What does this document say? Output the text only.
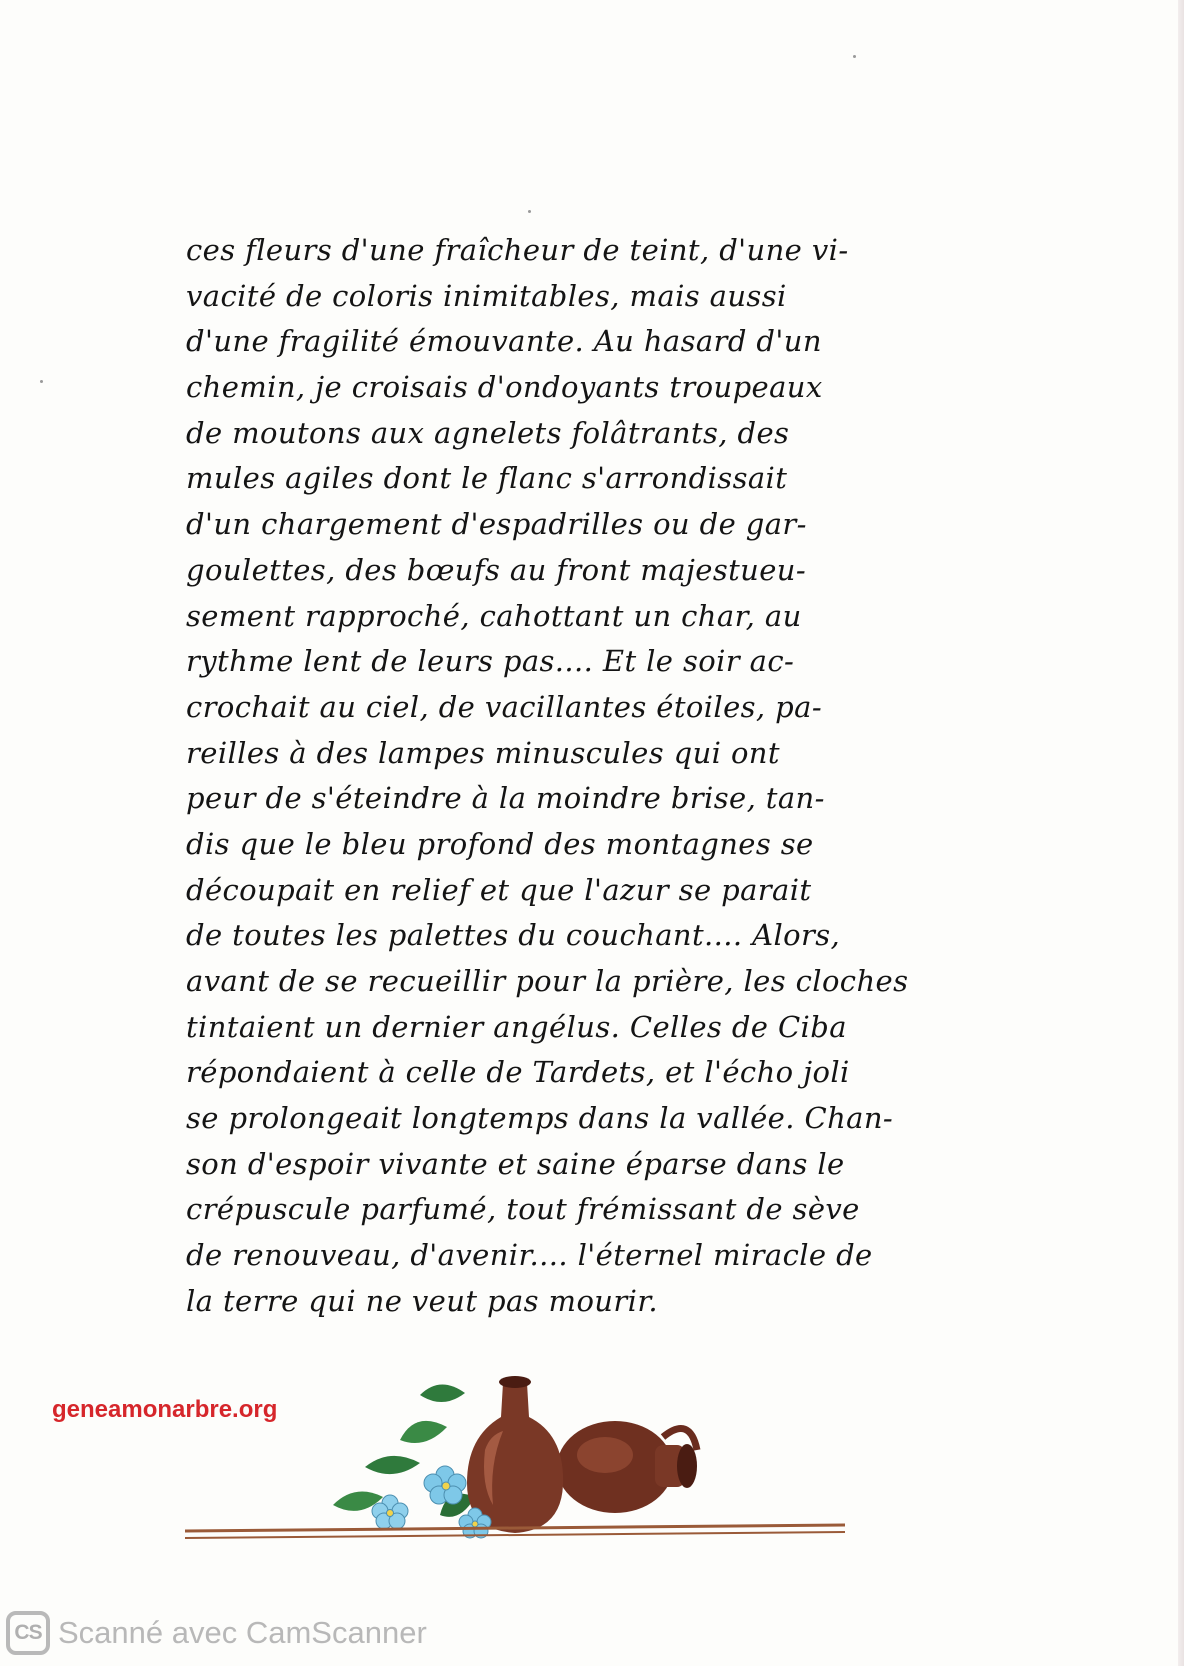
ces fleurs d'une fraîcheur de teint, d'une vi-
vacité de coloris inimitables, mais aussi
d'une fragilité émouvante. Au hasard d'un
chemin, je croisais d'ondoyants troupeaux
de moutons aux agnelets folâtrants, des
mules agiles dont le flanc s'arrondissait
d'un chargement d'espadrilles ou de gar-
goulettes, des bœufs au front majestueu-
sement rapproché, cahottant un char, au
rythme lent de leurs pas.... Et le soir ac-
crochait au ciel, de vacillantes étoiles, pa-
reilles à des lampes minuscules qui ont
peur de s'éteindre à la moindre brise, tan-
dis que le bleu profond des montagnes se
découpait en relief et que l'azur se parait
de toutes les palettes du couchant.... Alors,
avant de se recueillir pour la prière, les cloches
tintaient un dernier angélus. Celles de Ciba
répondaient à celle de Tardets, et l'écho joli
se prolongeait longtemps dans la vallée. Chan-
son d'espoir vivante et saine éparse dans le
crépuscule parfumé, tout frémissant de sève
de renouveau, d'avenir.... l'éternel miracle de
la terre qui ne veut pas mourir.
geneamonarbre.org
CS Scanné avec CamScanner
